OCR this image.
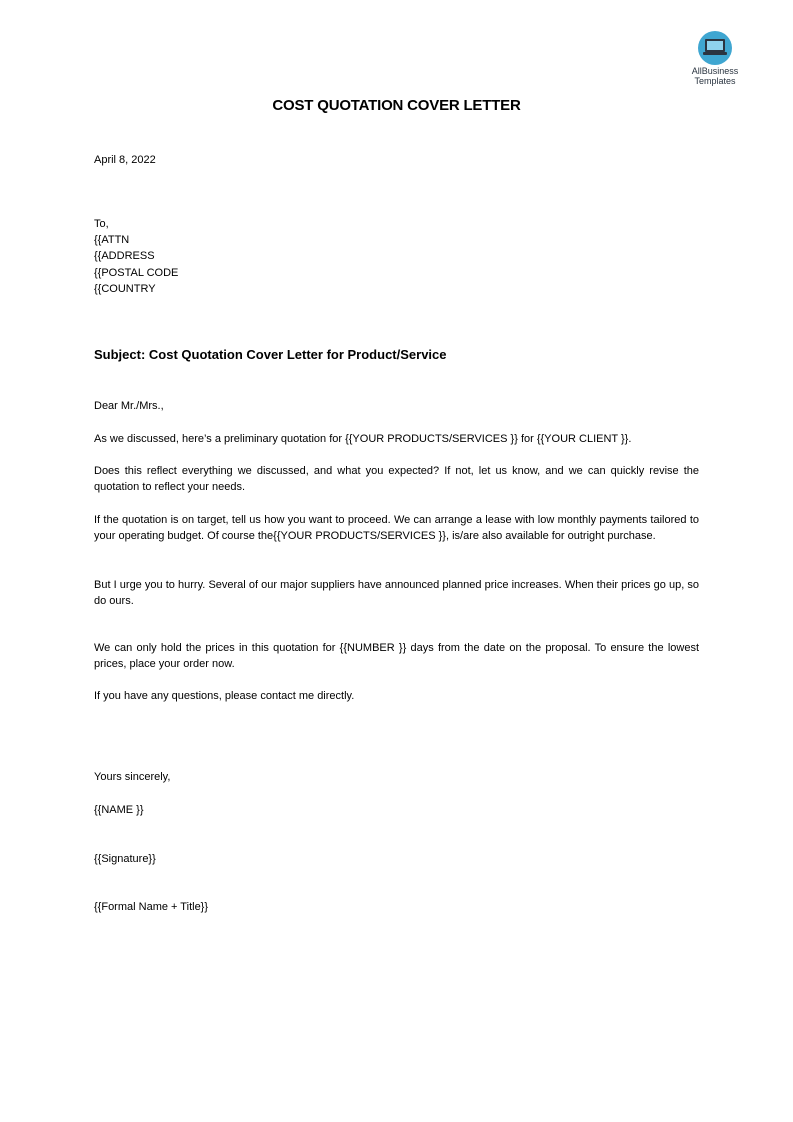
AllBusiness
Templates
COST QUOTATION COVER LETTER
April 8, 2022
To,
{{ATTN
{{ADDRESS
{{POSTAL CODE
{{COUNTRY
Subject: Cost Quotation Cover Letter for Product/Service
Dear Mr./Mrs.,

As we discussed, here’s a preliminary quotation for {{YOUR PRODUCTS/SERVICES }} for {{YOUR CLIENT }}.

Does this reflect everything we discussed, and what you expected? If not, let us know, and we can quickly revise the quotation to reflect your needs.

If the quotation is on target, tell us how you want to proceed. We can arrange a lease with low monthly payments tailored to your operating budget. Of course the{{YOUR PRODUCTS/SERVICES }}, is/are also available for outright purchase.

But I urge you to hurry. Several of our major suppliers have announced planned price increases. When their prices go up, so do ours.

We can only hold the prices in this quotation for {{NUMBER }} days from the date on the proposal. To ensure the lowest prices, place your order now.

If you have any questions, please contact me directly.

Yours sincerely,
{{NAME }}
{{Signature}}
{{Formal Name + Title}}
